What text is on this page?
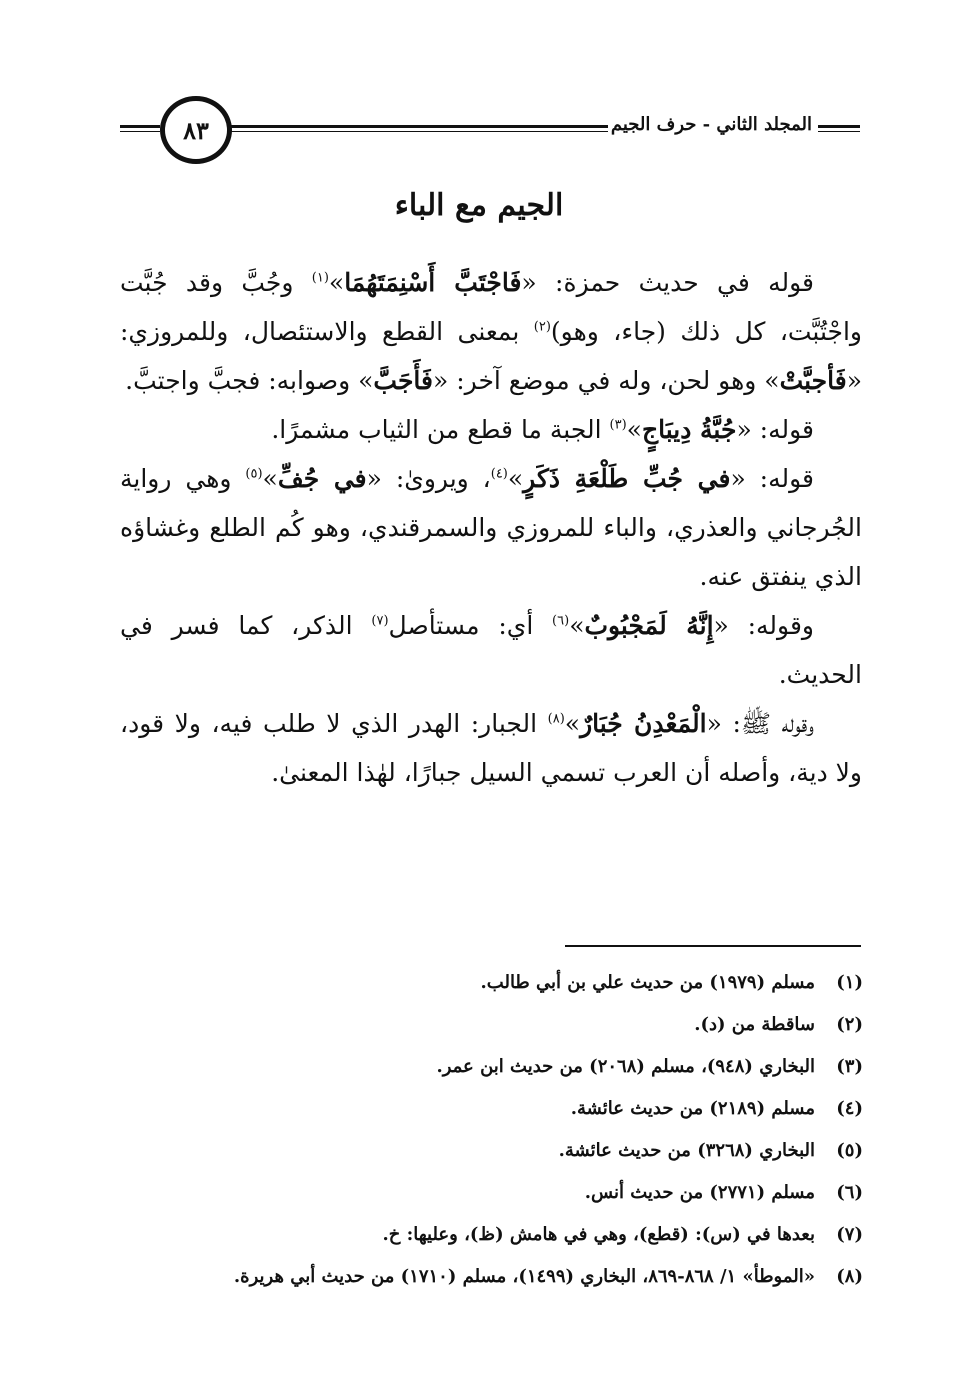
٨٣	المجلد الثاني - حرف الجيم
الجيم مع الباء

قوله في حديث حمزة: «فَاجْتَبَّ أَسْنِمَتَهُمَا»$^{(١)}$ وجُبَّ وقد جُبَّت واجْتُبَّت، كل ذلك (جاء، وهو)$^{(٢)}$ بمعنى القطع والاستئصال، وللمروزي: «فَأجبَّتْ» وهو لحن، وله في موضع آخر: «فَأَجَبَّ» وصوابه: فجبَّ واجتبَّ.

قوله: «جُبَّةُ دِيبَاجٍ»$^{(٣)}$ الجبة ما قطع من الثياب مشمرًا.

قوله: «في جُبِّ طَلْعَةِ ذَكَرٍ»$^{(٤)}$، ويروىٰ: «في جُفِّ»$^{(٥)}$ وهي رواية الجُرجاني والعذري، والباء للمروزي والسمرقندي، وهو كُم الطلع وغشاؤه الذي ينفتق عنه.

وقوله: «إِنَّهُ لَمَجْبُوبٌ»$^{(٦)}$ أي: مستأصل$^{(٧)}$ الذكر، كما فسر في الحديث.

وقوله ﷺ: «الْمَعْدِنُ جُبَارٌ»$^{(٨)}$ الجبار: الهدر الذي لا طلب فيه، ولا قود، ولا دية، وأصله أن العرب تسمي السيل جبارًا، لهٰذا المعنىٰ.

(١)
مسلم (١٩٧٩) من حديث علي بن أبي طالب.
(٢)
ساقطة من (د).
(٣)
البخاري (٩٤٨)، مسلم (٢٠٦٨) من حديث ابن عمر.
(٤)
مسلم (٢١٨٩) من حديث عائشة.
(٥)
البخاري (٣٢٦٨) من حديث عائشة.
(٦)
مسلم (٢٧٧١) من حديث أنس.
(٧)
بعدها في (س): (قطع)، وهي في هامش (ظ)، وعليها: خ.
(٨)
«الموطأ» ١/ ٨٦٨-٨٦٩، البخاري (١٤٩٩)، مسلم (١٧١٠) من حديث أبي هريرة.
